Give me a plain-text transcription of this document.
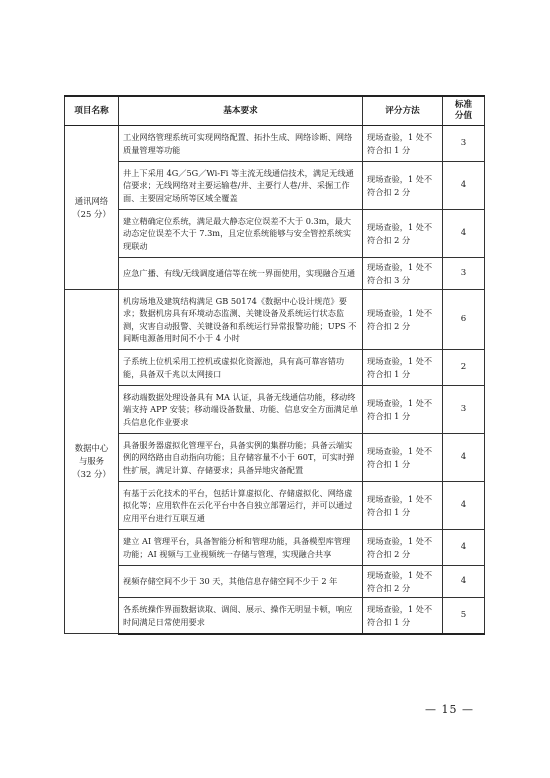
项目名称	基本要求	评分方法	标准
分值
通讯网络
（25 分）	工业网络管理系统可实现网络配置、拓扑生成、网络诊断、网络质量管理等功能	现场查验，1 处不符合扣 1 分	3
	井上下采用 4G／5G／Wi-Fi 等主流无线通信技术，满足无线通信要求；无线网络对主要运输巷/井、主要行人巷/井、采掘工作面、主要固定场所等区域全覆盖	现场查验，1 处不符合扣 2 分	4
	建立精确定位系统，满足最大静态定位误差不大于 0.3m，最大动态定位误差不大于 7.3m，且定位系统能够与安全管控系统实现联动	现场查验，1 处不符合扣 2 分	4
	应急广播、有线/无线调度通信等在统一界面使用，实现融合互通	现场查验，1 处不符合扣 3 分	3
数据中心
与服务
（32 分）	机房场地及建筑结构满足 GB 50174《数据中心设计规范》要求；数据机房具有环境动态监测、关键设备及系统运行状态监测，灾害自动报警、关键设备和系统运行异常报警功能；UPS 不间断电源备用时间不小于 4 小时	现场查验，1 处不符合扣 2 分	6
	子系统上位机采用工控机或虚拟化资源池，具有高可靠容错功能，具备双千兆以太网接口	现场查验，1 处不符合扣 1 分	2
	移动端数据处理设备具有 MA 认证，具备无线通信功能，移动终端支持 APP 安装；移动端设备数量、功能、信息安全方面满足单兵信息化作业要求	现场查验，1 处不符合扣 1 分	3
	具备服务器虚拟化管理平台，具备实例的集群功能；具备云端实例的网络路由自动指向功能；且存储容量不小于 60T，可实时弹性扩展，满足计算、存储要求；具备异地灾备配置	现场查验，1 处不符合扣 1 分	4
	有基于云化技术的平台，包括计算虚拟化、存储虚拟化、网络虚拟化等；应用软件在云化平台中各自独立部署运行，并可以通过应用平台进行互联互通	现场查验，1 处不符合扣 1 分	4
	建立 AI 管理平台，具备智能分析和管理功能，具备模型库管理功能；AI 视频与工业视频统一存储与管理，实现融合共享	现场查验，1 处不符合扣 2 分	4
	视频存储空间不少于 30 天，其他信息存储空间不少于 2 年	现场查验，1 处不符合扣 2 分	4
	各系统操作界面数据读取、调阅、展示、操作无明显卡顿，响应时间满足日常使用要求	现场查验，1 处不符合扣 1 分	5
— 15 —
